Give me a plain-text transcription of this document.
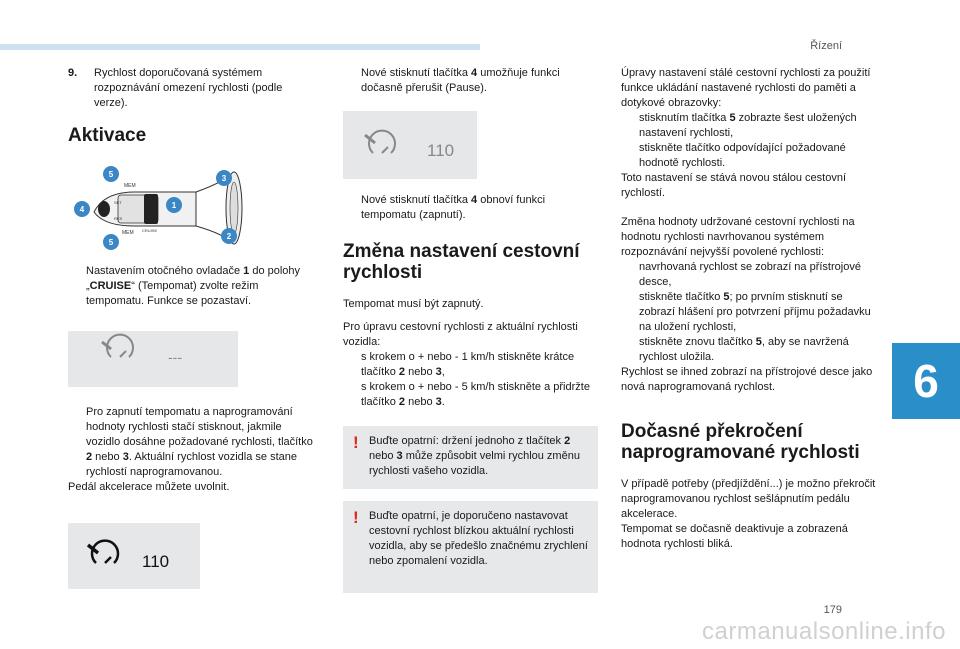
Řízení
6
179
carmanualsonline.info
9.	Rychlost doporučovaná systémem rozpoznávání omezení rychlosti (podle verze).
Aktivace
MEM
MEM
SET
RES
CRUISE
5	3
4	1
2
5
Nastavením otočného ovladače 1 do polohy „CRUISE“ (Tempomat) zvolte režim tempomatu. Funkce se pozastaví.
---
Pro zapnutí tempomatu a naprogramování hodnoty rychlosti stačí stisknout, jakmile vozidlo dosáhne požadované rychlosti, tlačítko 2 nebo 3. Aktuální rychlost vozidla se stane rychlostí naprogramovanou.

Pedál akcelerace můžete uvolnit.

110
Nové stisknutí tlačítka 4 umožňuje funkci dočasně přerušit (Pause).
110
Nové stisknutí tlačítka 4 obnoví funkci tempomatu (zapnutí).
Změna nastavení cestovní rychlosti

Tempomat musí být zapnutý.

Pro úpravu cestovní rychlosti z aktuální rychlosti vozidla:

s krokem o + nebo - 1 km/h stiskněte krátce tlačítko 2 nebo 3,
s krokem o + nebo - 5 km/h stiskněte a přidržte tlačítko 2 nebo 3.
! Buďte opatrní: držení jednoho z tlačítek 2 nebo 3 může způsobit velmi rychlou změnu rychlosti vašeho vozidla.
! Buďte opatrní, je doporučeno nastavovat cestovní rychlost blízkou aktuální rychlosti vozidla, aby se předešlo značnému zrychlení nebo zpomalení vozidla.

Úpravy nastavení stálé cestovní rychlosti za použití funkce ukládání nastavené rychlosti do paměti a dotykové obrazovky:

stisknutím tlačítka 5 zobrazte šest uložených nastavení rychlosti,
stiskněte tlačítko odpovídající požadované hodnotě rychlosti.

Toto nastavení se stává novou stálou cestovní rychlostí.

Změna hodnoty udržované cestovní rychlosti na hodnotu rychlosti navrhovanou systémem rozpoznávání nejvyšší povolené rychlosti:

navrhovaná rychlost se zobrazí na přístrojové desce,
stiskněte tlačítko 5; po prvním stisknutí se zobrazí hlášení pro potvrzení příjmu požadavku na uložení rychlosti,
stiskněte znovu tlačítko 5, aby se navržená rychlost uložila.

Rychlost se ihned zobrazí na přístrojové desce jako nová naprogramovaná rychlost.

Dočasné překročení naprogramované rychlosti

V případě potřeby (předjíždění...) je možno překročit naprogramovanou rychlost sešlápnutím pedálu akcelerace.

Tempomat se dočasně deaktivuje a zobrazená hodnota rychlosti bliká.
